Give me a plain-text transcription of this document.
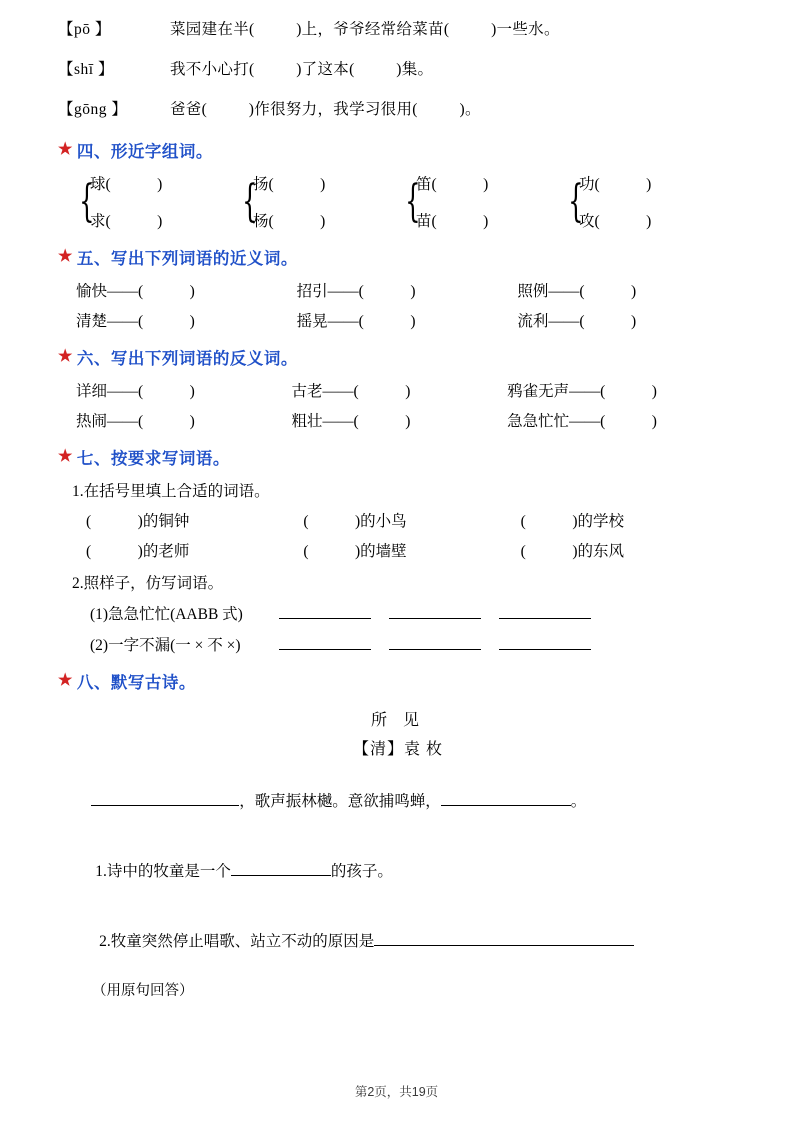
【pō 】	菜园建在半(          )上，爷爷经常给菜苗(          )一些水。
【shī 】	我不小心打(          )了这本(          )集。
【gōng 】	爸爸(          )作很努力，我学习很用(          )。
★ 四、形近字组词。
{
球(            )
求(            ) {
扬(            )
杨(            ) {
笛(            )
苗(            ) {
功(            )
攻(            )
★ 五、写出下列词语的近义词。
愉快——(            )	招引——(            )	照例——(            )
清楚——(            )	摇晃——(            )	流利——(            )
★ 六、写出下列词语的反义词。
详细——(            )	古老——(            )	鸦雀无声——(            )
热闹——(            )	粗壮——(            )	急急忙忙——(            )
★ 七、按要求写词语。
1.在括号里填上合适的词语。
(            )的铜钟	(            )的小鸟	(            )的学校
(            )的老师	(            )的墙壁	(            )的东风
2.照样子，仿写词语。
(1)急急忙忙(AABB 式)
(2)一字不漏(一 × 不 ×)
★ 八、默写古诗。
所 见
【清】袁 枚

，歌声振林樾。意欲捕鸣蝉，	。

1.诗中的牧童是一个	的孩子。

2.牧童突然停止唱歌、站立不动的原因是

（用原句回答）
第2页，共19页
